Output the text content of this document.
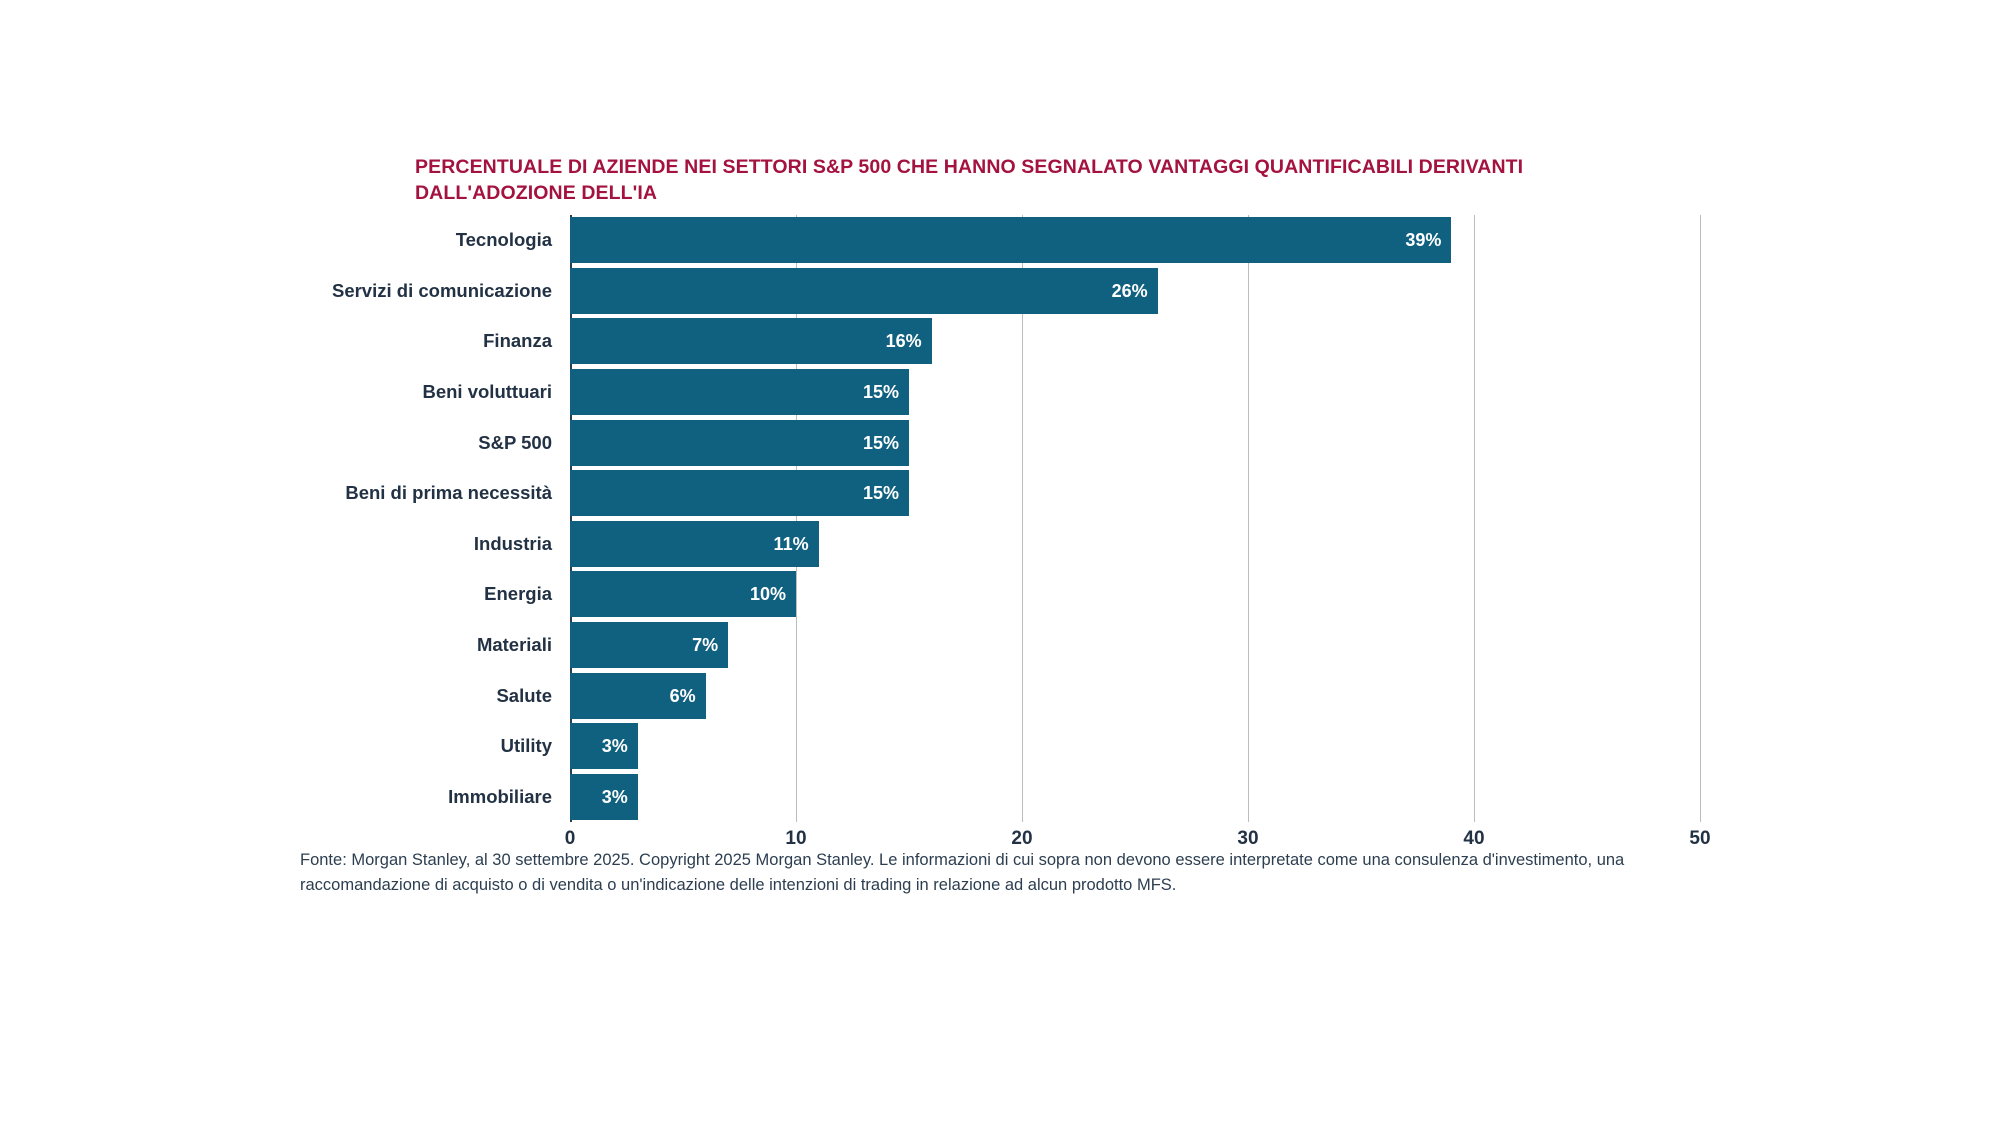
PERCENTUALE DI AZIENDE NEI SETTORI S&P 500 CHE HANNO SEGNALATO VANTAGGI QUANTIFICABILI DERIVANTI DALL'ADOZIONE DELL'IA
Tecnologia
Servizi di comunicazione
Finanza
Beni voluttuari
S&P 500
Beni di prima necessità
Industria
Energia
Materiali
Salute
Utility
Immobiliare
39%
26%
16%
15%
15%
15%
11%
10%
7%
6%
3%
3%
0	10	20	30	40	50
Fonte: Morgan Stanley, al 30 settembre 2025. Copyright 2025 Morgan Stanley. Le informazioni di cui sopra non devono essere interpretate come una consulenza d'investimento, una raccomandazione di acquisto o di vendita o un'indicazione delle intenzioni di trading in relazione ad alcun prodotto MFS.
